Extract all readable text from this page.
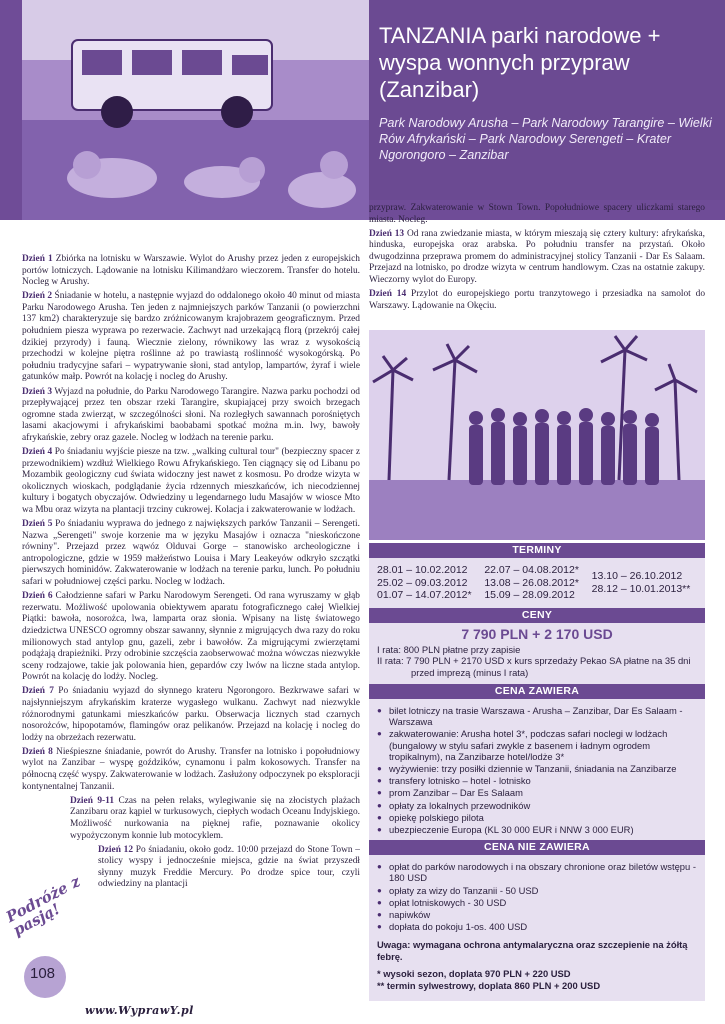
TANZANIA parki narodowe + wyspa wonnych przypraw (Zanzibar)

Park Narodowy Arusha – Park Narodowy Tarangire – Wielki Rów Afrykański – Park Narodowy Serengeti – Krater Ngorongoro – Zanzibar

Dzień 1 Zbiórka na lotnisku w Warszawie. Wylot do Arushy przez jeden z europejskich portów lotniczych. Lądowanie na lotnisku Kilimandżaro wieczorem. Transfer do hotelu. Nocleg w Arushy.

Dzień 2 Śniadanie w hotelu, a następnie wyjazd do oddalonego około 40 minut od miasta Parku Narodowego Arusha. Ten jeden z najmniejszych parków Tanzanii (o powierzchni 137 km2) charakteryzuje się bardzo zróżnicowanym krajobrazem geograficznym. Przed południem piesza wyprawa po rezerwacie. Zachwyt nad urzekającą florą (przekrój całej dzikiej przyrody) i fauną. Wiecznie zielony, równikowy las wraz z wysokością przechodzi w kolejne piętra roślinne aż po trawiastą roślinność wysokogórską. Po południu tradycyjne safari – wypatrywanie słoni, stad antylop, lampartów, żyraf i wiele gatunków małp. Powrót na kolację i nocleg do Arushy.

Dzień 3 Wyjazd na południe, do Parku Narodowego Tarangire. Nazwa parku pochodzi od przepływającej przez ten obszar rzeki Tarangire, skupiającej przy swoich brzegach ogromne stada zwierząt, w szczególności słoni. Na rozległych sawannach porośniętych lasami akacjowymi i afrykańskimi baobabami spotkać można m.in. lwy, bawoły afrykańskie, zebry oraz gazele. Nocleg w lodżach na terenie parku.

Dzień 4 Po śniadaniu wyjście piesze na tzw. „walking cultural tour" (bezpieczny spacer z przewodnikiem) wzdłuż Wielkiego Rowu Afrykańskiego. Ten ciągnący się od Libanu po Mozambik geologiczny cud świata widoczny jest nawet z kosmosu. Po drodze wizyta w okolicznych wioskach, podglądanie życia rdzennych mieszkańców, ich niecodziennej kultury i bogatych obyczajów. Odwiedziny u legendarnego ludu Masajów w wiosce Mto wa Mbu oraz wizyta na plantacji trzciny cukrowej. Kolacja i zakwaterowanie w lodżach.

Dzień 5 Po śniadaniu wyprawa do jednego z największych parków Tanzanii – Serengeti. Nazwa „Serengeti" swoje korzenie ma w języku Masajów i oznacza "nieskończone równiny". Przejazd przez wąwóz Olduvai Gorge – stanowisko archeologiczne i antropologiczne, gdzie w 1959 małżeństwo Louisa i Mary Leakeyów odkryło szczątki pierwszych hominidów. Zakwaterowanie w lodżach na terenie parku, lunch. Po południu safari w południowej części parku. Nocleg w lodżach.

Dzień 6 Całodzienne safari w Parku Narodowym Serengeti. Od rana wyruszamy w głąb rezerwatu. Możliwość upolowania obiektywem aparatu fotograficznego całej Wielkiej Piątki: bawoła, nosorożca, lwa, lamparta oraz słonia. Wpisany na listę światowego dziedzictwa UNESCO ogromny obszar sawanny, słynnie z migrujących dwa razy do roku milionowych stad antylop gnu, gazeli, zebr i bawołów. Za migrującymi zwierzętami podążają drapieżniki. Przy odrobinie szczęścia zaobserwować można wówczas niezwykłe sceny rodzajowe, takie jak polowania hien, gepardów czy lwów na liczne stada antylop. Powrót na kolację do lodży. Nocleg.

Dzień 7 Po śniadaniu wyjazd do słynnego krateru Ngorongoro. Bezkrwawe safari w najsłynniejszym afrykańskim kraterze wygasłego wulkanu. Zachwyt nad niezwykle różnorodnymi gatunkami mieszkańców parku. Obserwacja licznych stad czarnych nosorożców, hipopotamów, flamingów oraz pelikanów. Przejazd na kolację i nocleg do lodży na obrzeżach rezerwatu.

Dzień 8 Nieśpieszne śniadanie, powrót do Arushy. Transfer na lotnisko i popołudniowy wylot na Zanzibar – wyspę goździków, cynamonu i palm kokosowych. Transfer na północną część wyspy. Zakwaterowanie w lodżach. Zasłużony odpoczynek po eksploracji kontynentalnej Tanzanii.

Dzień 9-11 Czas na pełen relaks, wylegiwanie się na złocistych plażach Zanzibaru oraz kąpiel w turkusowych, ciepłych wodach Oceanu Indyjskiego. Możliwość nurkowania na pięknej rafie, poznawanie okolicy wypożyczonym konnie lub motocyklem.

Dzień 12 Po śniadaniu, około godz. 10:00 przejazd do Stone Town – stolicy wyspy i jednocześnie miejsca, gdzie na świat przyszedł słynny muzyk Freddie Mercury. Po drodze spice tour, czyli odwiedziny na plantacji

przypraw. Zakwaterowanie w Stown Town. Popołudniowe spacery uliczkami starego miasta. Nocleg.

Dzień 13 Od rana zwiedzanie miasta, w którym mieszają się cztery kultury: afrykańska, hinduska, europejska oraz arabska. Po południu transfer na przystań. Około dwugodzinna przeprawa promem do administracyjnej stolicy Tanzanii - Dar Es Salaam. Przejazd na lotnisko, po drodze wizyta w centrum handlowym. Czas na ostatnie zakupy. Wieczorny wylot do Europy.

Dzień 14 Przylot do europejskiego portu tranzytowego i przesiadka na samolot do Warszawy. Lądowanie na Okęciu.

TERMINY
28.01 – 10.02.2012
25.02 – 09.03.2012
01.07 – 14.07.2012*
22.07 – 04.08.2012*
13.08 – 26.08.2012*
15.09 – 28.09.2012
13.10 – 26.10.2012
28.12 – 10.01.2013**
CENY
7 790 PLN + 2 170 USD
I rata: 800 PLN płatne przy zapisie
II rata: 7 790 PLN + 2170 USD x kurs sprzedaży Pekao SA płatne na 35 dni
przed imprezą (minus I rata)
CENA ZAWIERA
● bilet lotniczy na trasie Warszawa - Arusha – Zanzibar, Dar Es Salaam - Warszawa
● zakwaterowanie: Arusha hotel 3*, podczas safari noclegi w lodżach (bungalowy w stylu safari zwykle z basenem i ładnym ogrodem tropikalnym), na Zanzibarze hotel/lodże 3*
● wyżywienie: trzy posiłki dziennie w Tanzanii, śniadania na Zanzibarze
● transfery lotnisko – hotel - lotnisko
● prom Zanzibar – Dar Es Salaam
● opłaty za lokalnych przewodników
● opiekę polskiego pilota
● ubezpieczenie Europa (KL 30 000 EUR i NNW 3 000 EUR)
CENA NIE ZAWIERA
● opłat do parków narodowych i na obszary chronione oraz biletów wstępu - 180 USD
● opłaty za wizy do Tanzanii - 50 USD
● opłat lotniskowych - 30 USD
● napiwków
● dopłata do pokoju 1-os. 400 USD
Uwaga: wymagana ochrona antymalaryczna oraz szczepienie na żółtą febrę.
* wysoki sezon, doplata 970 PLN + 220 USD
** termin sylwestrowy, doplata 860 PLN + 200 USD
Podróże z pasją!
108
www.WyprawY.pl
